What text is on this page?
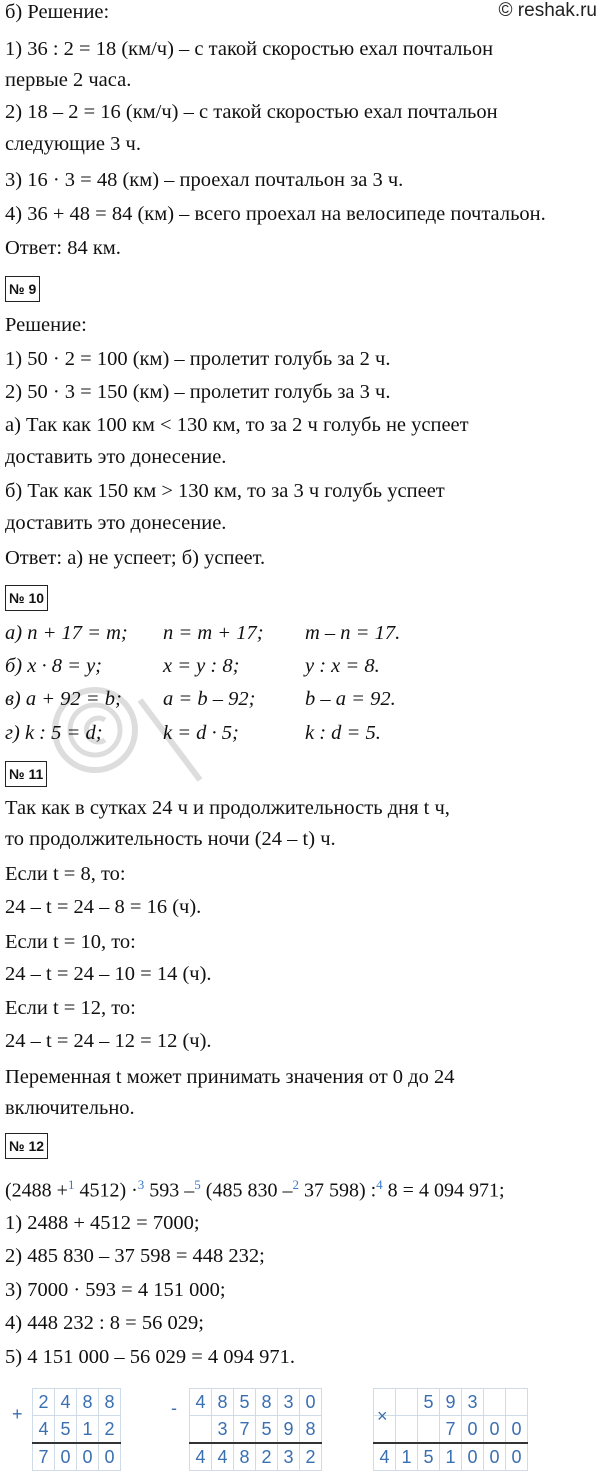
© reshak.ru
б) Решение:
1) 36 : 2 = 18 (км/ч) – с такой скоростью ехал почтальон
первые 2 часа.
2) 18 – 2 = 16 (км/ч) – с такой скоростью ехал почтальон
следующие 3 ч.
3) 16 · 3 = 48 (км) – проехал почтальон за 3 ч.
4) 36 + 48 = 84 (км) – всего проехал на велосипеде почтальон.
Ответ: 84 км.
№ 9
Решение:
1) 50 · 2 = 100 (км) – пролетит голубь за 2 ч.
2) 50 · 3 = 150 (км) – пролетит голубь за 3 ч.
а) Так как 100 км < 130 км, то за 2 ч голубь не успеет
доставить это донесение.
б) Так как 150 км > 130 км, то за 3 ч голубь успеет
доставить это донесение.
Ответ: а) не успеет; б) успеет.
№ 10
а) n + 17 = m; n = m + 17; m – n = 17.
б) x · 8 = y;	x = y : 8;	y : x = 8.
в) a + 92 = b; a = b – 92; b – a = 92.
г) k : 5 = d;	k = d · 5;	k : d = 5.
№ 11
Так как в сутках 24 ч и продолжительность дня t ч,
то продолжительность ночи (24 – t) ч.
Если t = 8, то:
24 – t = 24 – 8 = 16 (ч).
Если t = 10, то:
24 – t = 24 – 10 = 14 (ч).
Если t = 12, то:
24 – t = 24 – 12 = 12 (ч).
Переменная t может принимать значения от 0 до 24
включительно.
№ 12
(2488 +$^1$ 4512) ·$^3$ 593 –$^5$ (485 830 –$^2$ 37 598) :$^4$ 8 = 4 094 971;
1) 2488 + 4512 = 7000;
2) 485 830 – 37 598 = 448 232;
3) 7000 · 593 = 4 151 000;
4) 448 232 : 8 = 56 029;
5) 4 151 000 – 56 029 = 4 094 971.
+
2	4	8	8
4	5	1	2
7	0	0	0
- 4	8	5	8	3	0
	3	7	5	9	8
4	4	8	2	3	2
×
		5	9	3		
			7	0	0	0
4	1	5	1	0	0	0
